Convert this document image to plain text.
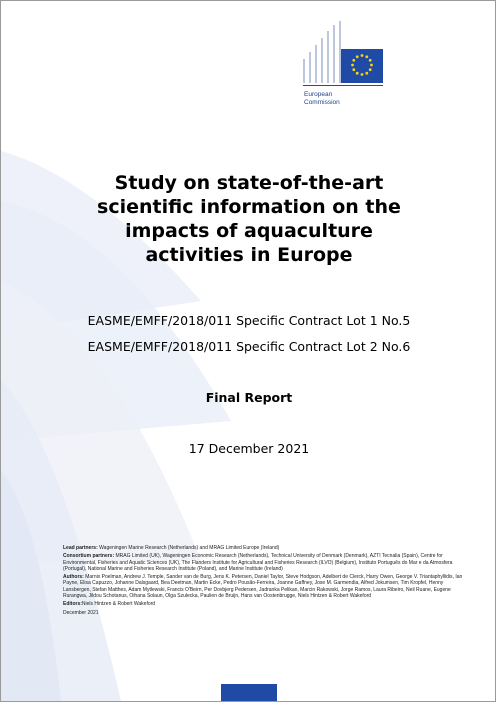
European
Commission
Study on state-of-the-art
scientific information on the
impacts of aquaculture
activities in Europe
EASME/EMFF/2018/011 Specific Contract Lot 1 No.5
EASME/EMFF/2018/011 Specific Contract Lot 2 No.6
Final Report
17 December 2021

Lead partners: Wageningen Marine Research (Netherlands) and MRAG Limited Europe (Ireland)

Consortium partners: MRAG Limited (UK), Wageningen Economic Research (Netherlands), Technical University of Denmark (Denmark), AZTI Tecnalia (Spain), Centre for Environmental, Fisheries and Aquatic Sciences (UK), The Flanders Institute for Agricultural and Fisheries Research (ILVO) (Belgium), Instituto Português do Mar e da Atmosfera (Portugal), National Marine and Fisheries Research Institute (Poland), and Marine Institute (Ireland)

Authors: Marnix Poelman, Andrew J. Temple, Sander van de Burg, Jens K. Petersen, Daniel Taylor, Steve Hodgson, Adelbert de Clerck, Harry Owen, George V. Triantaphyllidis, Ian Payne, Elisa Capuzzo, Johanne Dalsgaard, Bea Deetman, Martin Ecke, Pedro Pousão-Ferreira, Joanne Gaffney, Jose M. Garmendia, Alfred Jokumsen, Tim Kropfel, Henny Lansbergen, Stefan Matthes, Adam Mytlewski, Francis O'Beirn, Per Dovbjerg Pedersen, Jadranka Pelikan, Marcin Rakowski, Jorge Ramos, Laura Ribeiro, Neil Ruane, Eugene Rurangwa, Jildou Schotanus, Oihana Solaun, Olga Szulecka, Paulien de Bruijn, Hans van Oostenbrugge, Niels Hintzen & Robert Wakeford

Editors:Niels Hintzen & Robert Wakeford

December 2021
